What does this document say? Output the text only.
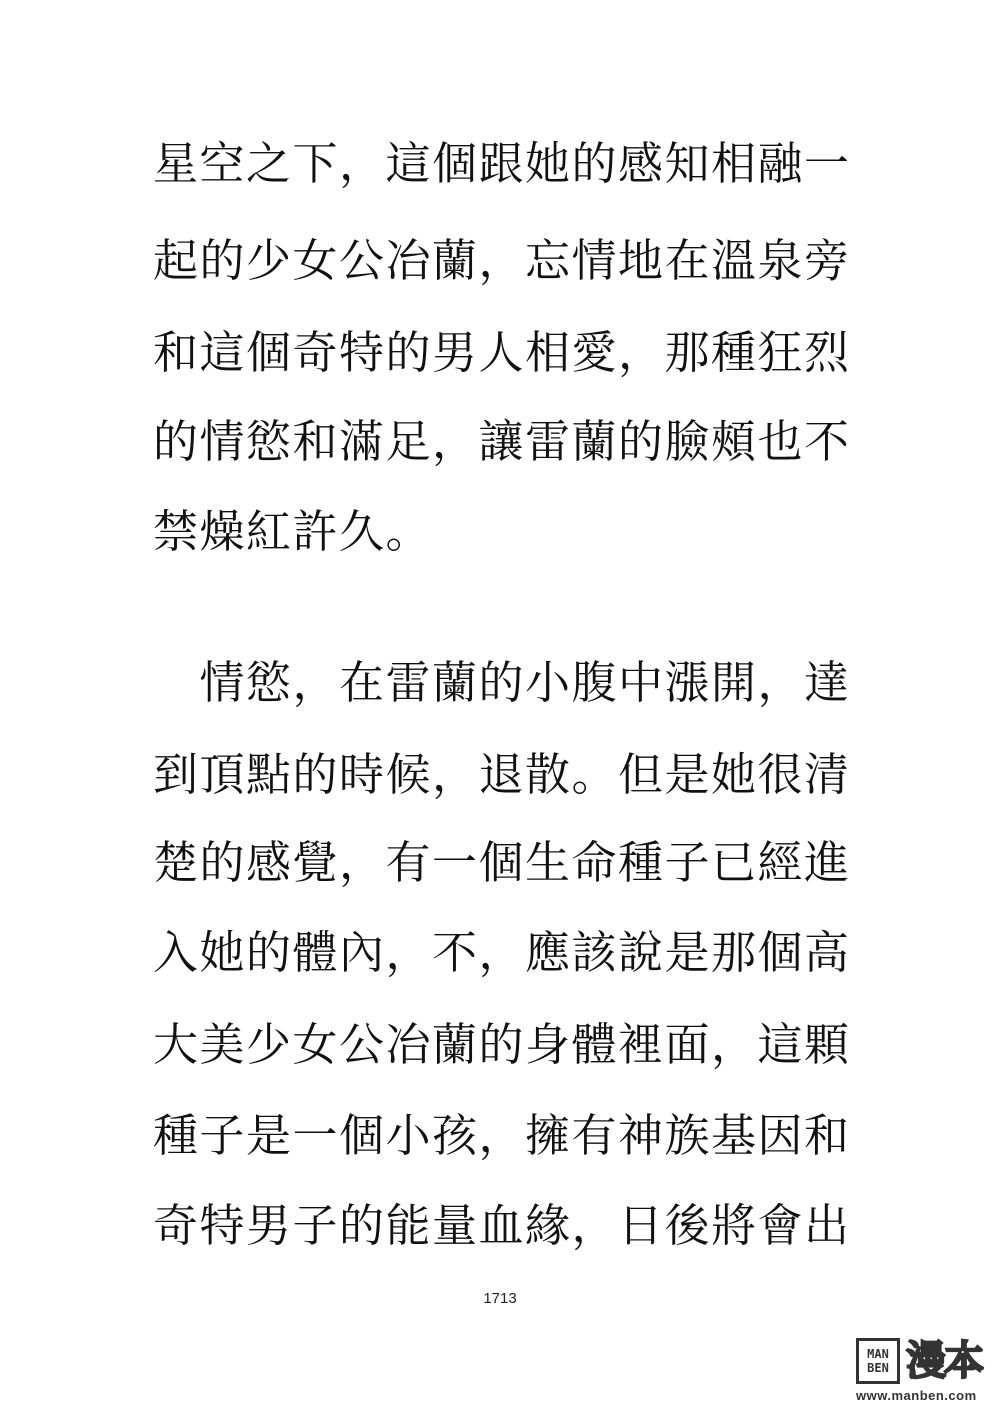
星空之下，這個跟她的感知相融一
起的少女公冶蘭，忘情地在溫泉旁
和這個奇特的男人相愛，那種狂烈
的情慾和滿足，讓雷蘭的臉頰也不
禁燥紅許久。
　情慾，在雷蘭的小腹中漲開，達
到頂點的時候，退散。但是她很清
楚的感覺，有一個生命種子已經進
入她的體內，不，應該說是那個高
大美少女公冶蘭的身體裡面，這顆
種子是一個小孩，擁有神族基因和
奇特男子的能量血緣，日後將會出
1713
MAN
BEN 漫本
www.manben.com
